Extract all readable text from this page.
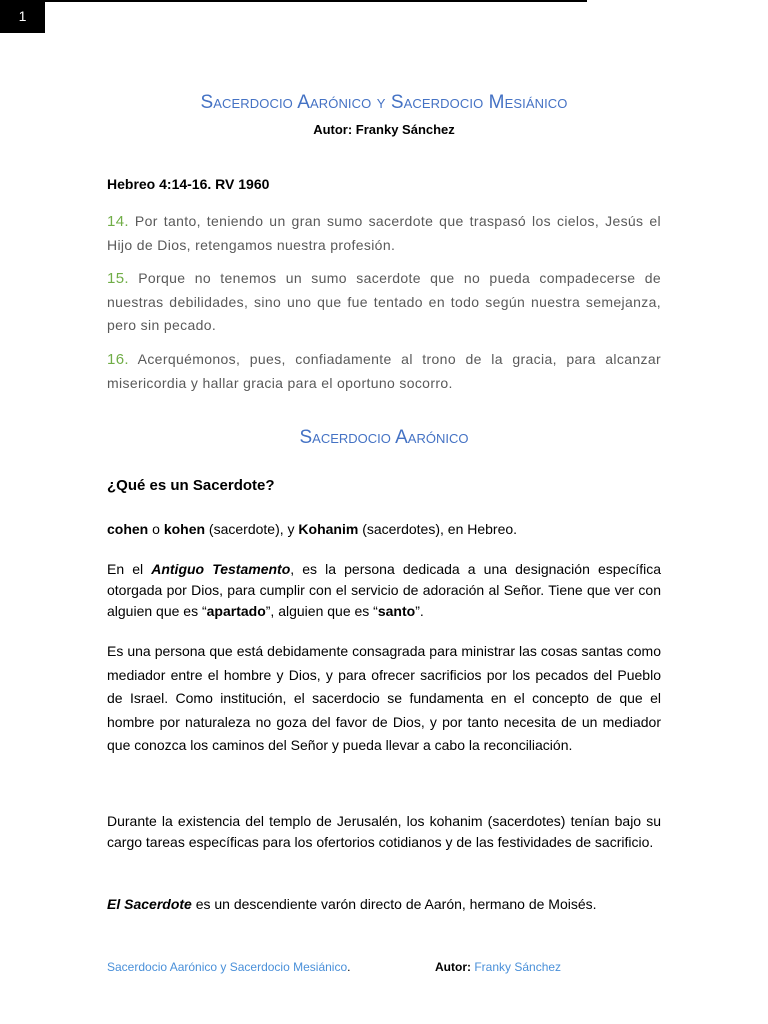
1
Sacerdocio Aarónico y Sacerdocio Mesiánico
Autor: Franky Sánchez
Hebreo 4:14-16. RV 1960
14. Por tanto, teniendo un gran sumo sacerdote que traspasó los cielos, Jesús el Hijo de Dios, retengamos nuestra profesión.
15. Porque no tenemos un sumo sacerdote que no pueda compadecerse de nuestras debilidades, sino uno que fue tentado en todo según nuestra semejanza, pero sin pecado.
16. Acerquémonos, pues, confiadamente al trono de la gracia, para alcanzar misericordia y hallar gracia para el oportuno socorro.
Sacerdocio Aarónico
¿Qué es un Sacerdote?
cohen o kohen (sacerdote), y Kohanim (sacerdotes), en Hebreo.
En el Antiguo Testamento, es la persona dedicada a una designación específica otorgada por Dios, para cumplir con el servicio de adoración al Señor. Tiene que ver con alguien que es “apartado”, alguien que es “santo”.
Es una persona que está debidamente consagrada para ministrar las cosas santas como mediador entre el hombre y Dios, y para ofrecer sacrificios por los pecados del Pueblo de Israel. Como institución, el sacerdocio se fundamenta en el concepto de que el hombre por naturaleza no goza del favor de Dios, y por tanto necesita de un mediador que conozca los caminos del Señor y pueda llevar a cabo la reconciliación.
Durante la existencia del templo de Jerusalén, los kohanim (sacerdotes) tenían bajo su cargo tareas específicas para los ofertorios cotidianos y de las festividades de sacrificio.
El Sacerdote es un descendiente varón directo de Aarón, hermano de Moisés.
Sacerdocio Aarónico y Sacerdocio Mesiánico.	Autor: Franky Sánchez
